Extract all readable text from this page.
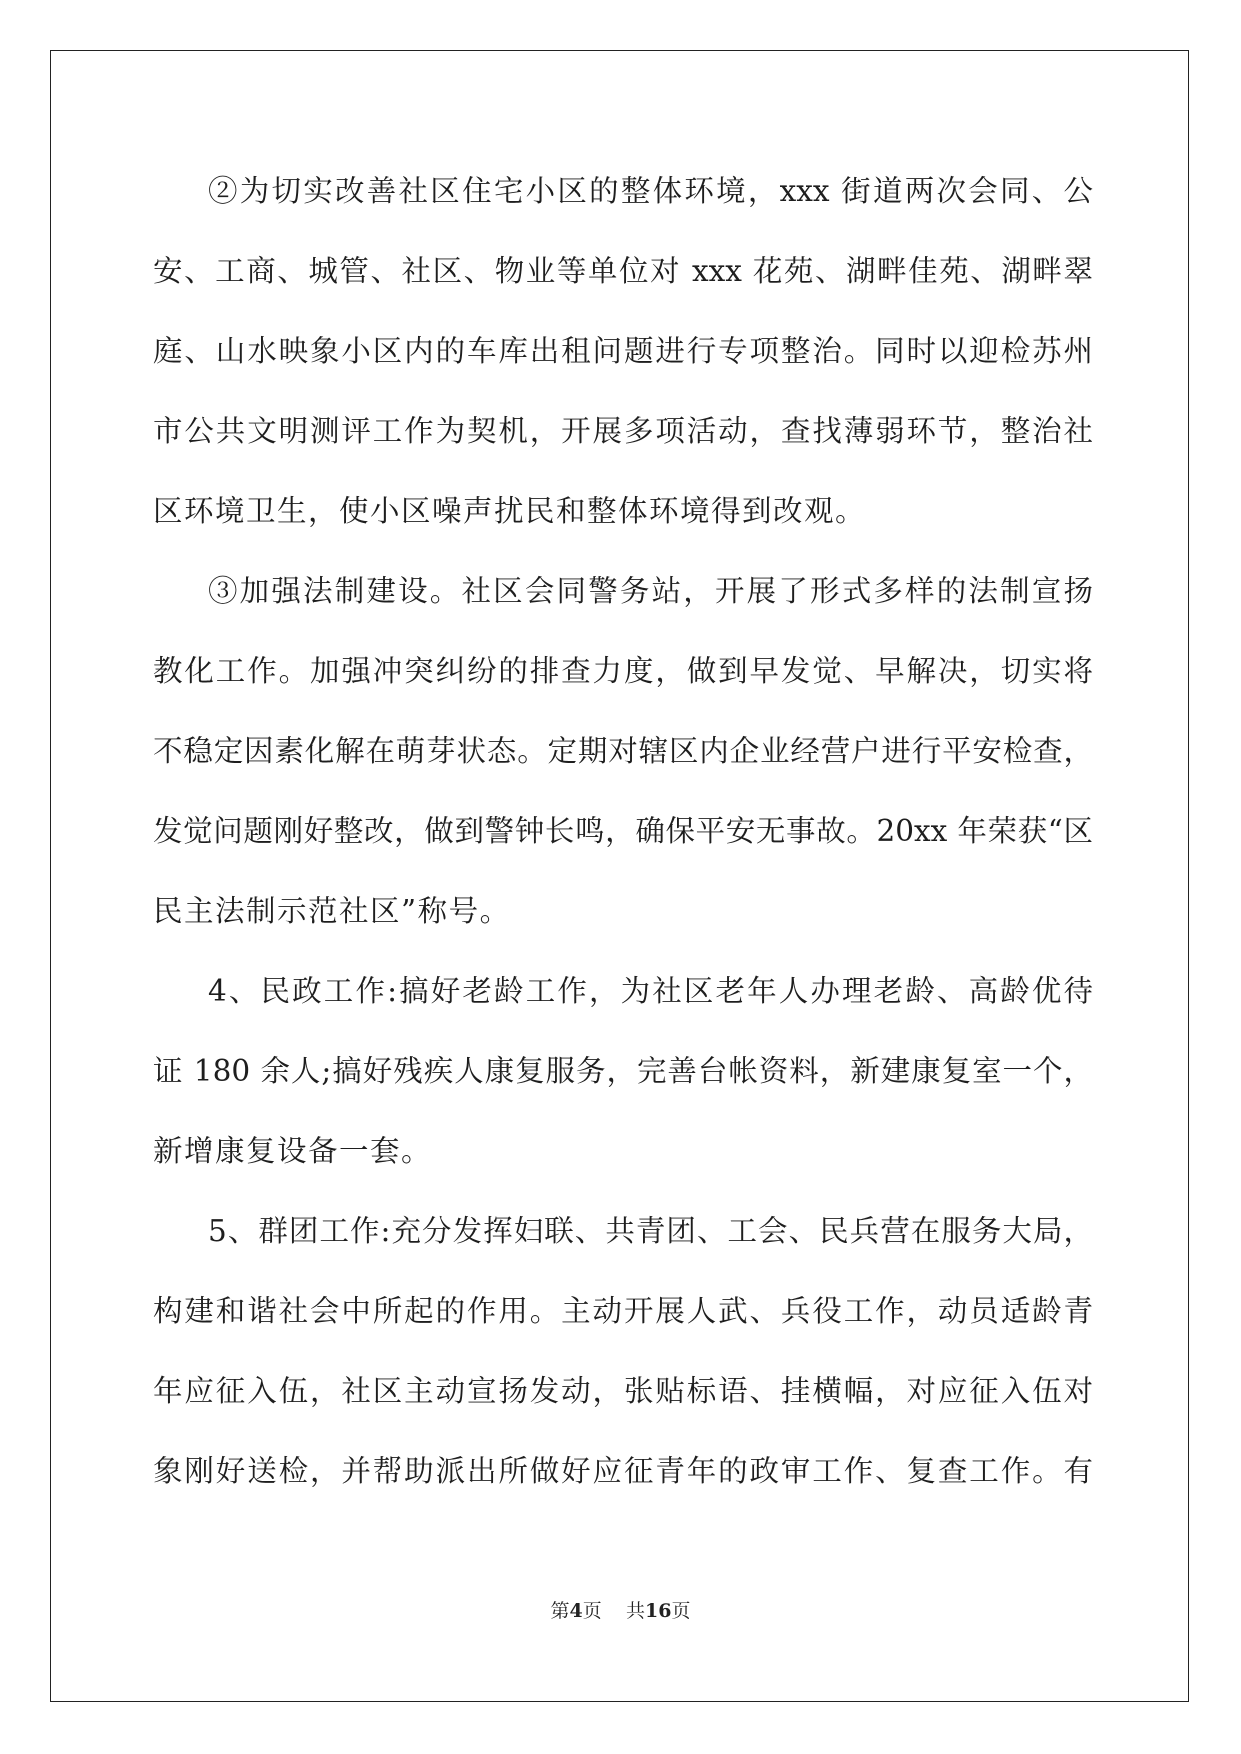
②为切实改善社区住宅小区的整体环境，xxx 街道两次会同、公
安、工商、城管、社区、物业等单位对 xxx 花苑、湖畔佳苑、湖畔翠
庭、山水映象小区内的车库出租问题进行专项整治。同时以迎检苏州
市公共文明测评工作为契机，开展多项活动，查找薄弱环节，整治社
区环境卫生，使小区噪声扰民和整体环境得到改观。
③加强法制建设。社区会同警务站，开展了形式多样的法制宣扬
教化工作。加强冲突纠纷的排查力度，做到早发觉、早解决，切实将
不稳定因素化解在萌芽状态。定期对辖区内企业经营户进行平安检查，
发觉问题刚好整改，做到警钟长鸣，确保平安无事故。20xx 年荣获“区
民主法制示范社区”称号。
4、民政工作:搞好老龄工作，为社区老年人办理老龄、高龄优待
证 180 余人;搞好残疾人康复服务，完善台帐资料，新建康复室一个，
新增康复设备一套。
5、群团工作:充分发挥妇联、共青团、工会、民兵营在服务大局，
构建和谐社会中所起的作用。主动开展人武、兵役工作，动员适龄青
年应征入伍，社区主动宣扬发动，张贴标语、挂横幅，对应征入伍对
象刚好送检，并帮助派出所做好应征青年的政审工作、复查工作。有
第4页 共16页
